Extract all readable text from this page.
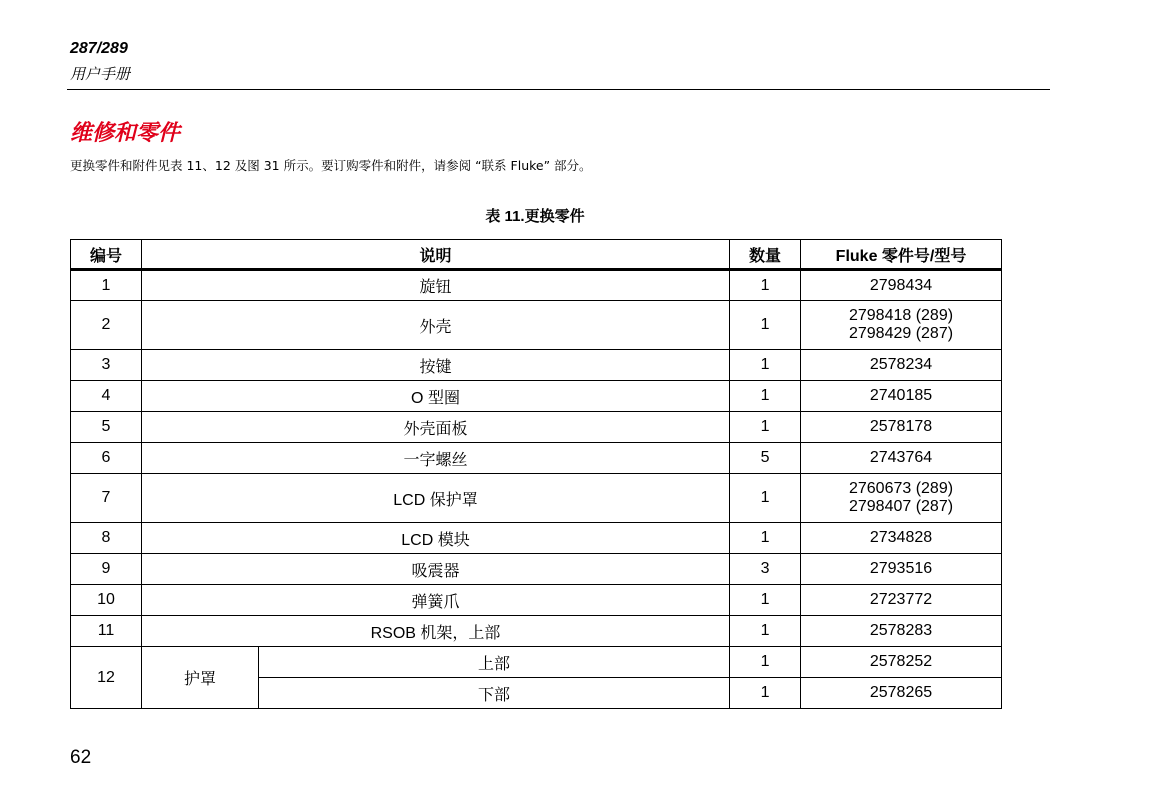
287/289
用户手册
维修和零件
更换零件和附件见表 11、12 及图 31 所示。要订购零件和附件，请参阅 “联系 Fluke” 部分。
表 11.更换零件
编号	说明		数量	Fluke 零件号/型号
1	旋钮		1	2798434

2	外壳		1	2798418 (289)
2798429 (287)

3	按键		1	2578234

4	O 型圈		1	2740185

5	外壳面板		1	2578178

6	一字螺丝		5	2743764

7	LCD 保护罩		1	2760673 (289)
2798407 (287)

8	LCD 模块		1	2734828

9	吸震器		3	2793516

10	弹簧爪		1	2723772

11	RSOB 机架，上部		1	2578283

12	护罩	上部	1	2578252
		下部	1	2578265
62
